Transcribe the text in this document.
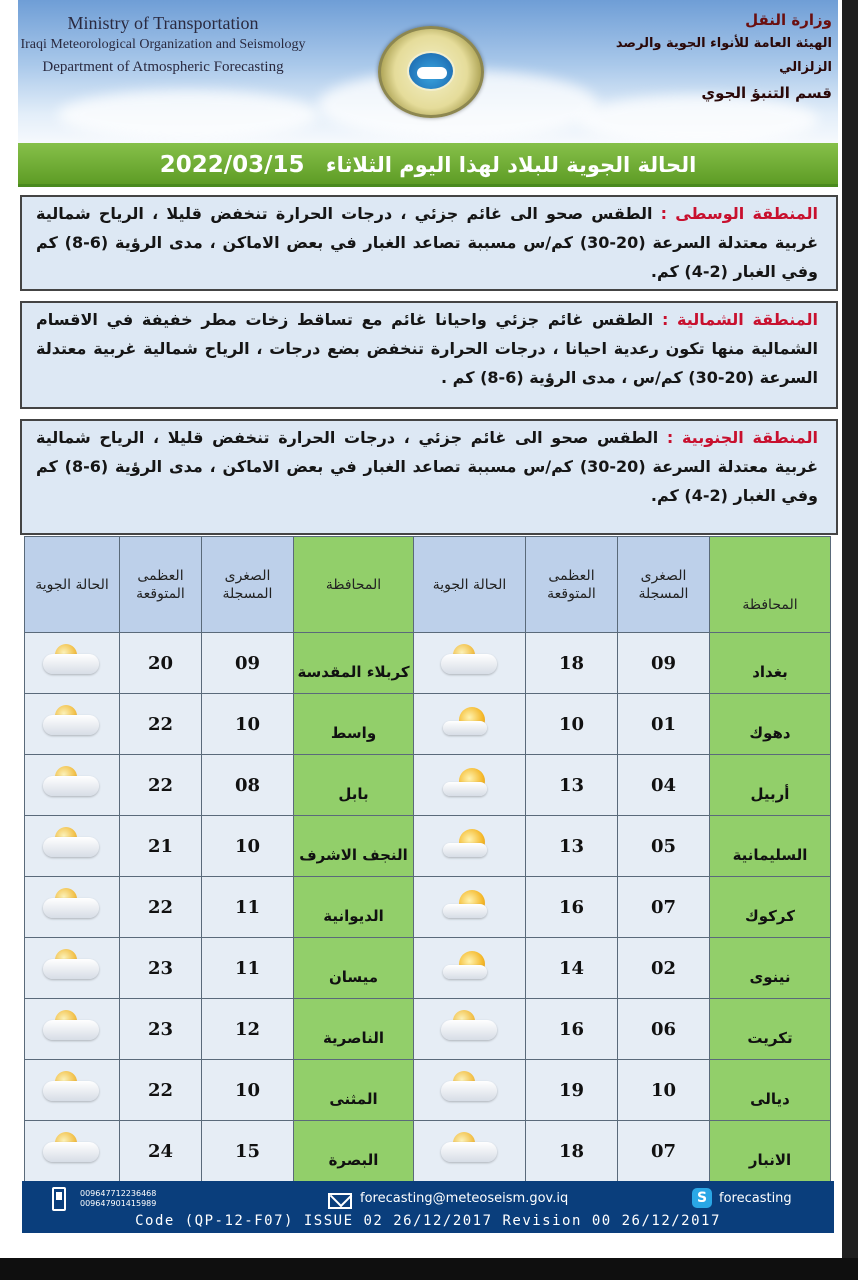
Ministry of Transportation
Iraqi Meteorological Organization and Seismology
Department of Atmospheric Forecasting
وزارة النقل
الهيئة العامة للأنواء الجوية والرصد الزلزالي
قسم التنبؤ الجوي
الحالة الجوية للبلاد لهذا اليوم الثلاثاء 2022/03/15
المنطقة الوسطى : الطقس صحو الى غائم جزئي ، درجات الحرارة تنخفض قليلا ، الرياح شمالية غربية معتدلة السرعة (20-30) كم/س مسببة تصاعد الغبار في بعض الاماكن ، مدى الرؤية (6-8) كم وفي الغبار (2-4) كم.
المنطقة الشمالية : الطقس غائم جزئي واحيانا غائم مع تساقط زخات مطر خفيفة في الاقسام الشمالية منها تكون رعدية احيانا ، درجات الحرارة تنخفض بضع درجات ، الرياح شمالية غربية معتدلة السرعة (20-30) كم/س ، مدى الرؤية (6-8) كم .
المنطقة الجنوبية : الطقس صحو الى غائم جزئي ، درجات الحرارة تنخفض قليلا ، الرياح شمالية غربية معتدلة السرعة (20-30) كم/س مسببة تصاعد الغبار في بعض الاماكن ، مدى الرؤية (6-8) كم وفي الغبار (2-4) كم.
المحافظة	الصغرى المسجلة	العظمى المتوقعة	الحالة الجوية	المحافظة	الصغرى المسجلة	العظمى المتوقعة	الحالة الجوية
بغداد	09	18		كربلاء المقدسة	09	20	

دهوك	01	10		واسط	10	22	

أربيل	04	13		بابل	08	22	

السليمانية	05	13		النجف الاشرف	10	21	

كركوك	07	16		الديوانية	11	22	

نينوى	02	14		ميسان	11	23	

تكريت	06	16		الناصرية	12	23	

ديالى	10	19		المثنى	10	22	

الانبار	07	18		البصرة	15	24	
009647712236468
009647901415989	forecasting@meteoseism.gov.iq	S forecasting
Code (QP-12-F07) ISSUE 02 26/12/2017 Revision 00 26/12/2017
